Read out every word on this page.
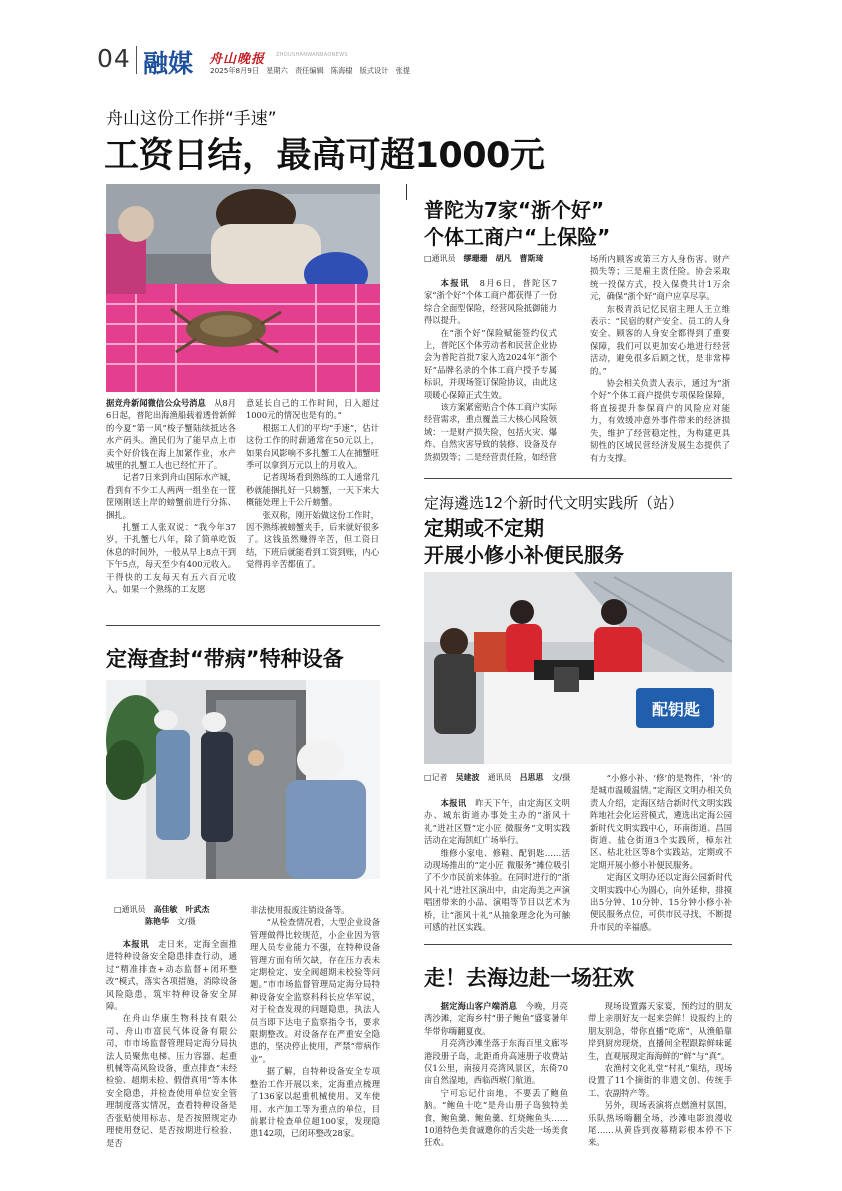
04 融媒 舟山晚报 ZHOUSHANWANBAONEWS
2025年8月9日　星期六　责任编辑　陈海棣　版式设计　张提
舟山这份工作拼“手速”
工资日结，最高可超1000元

据竞舟新闻微信公众号消息　 从8月6日起，普陀出海渔船载着透骨新鲜的今夏“第一风”梭子蟹陆续抵达各水产码头。渔民们为了能早点上市卖个好价钱在海上加紧作业，水产城里的扎蟹工人也已经忙开了。

记者7日来到舟山国际水产城，看到有不少工人两两一组坐在一筐筐刚刚送上岸的螃蟹前进行分拣、捆扎。

扎蟹工人张双说：“我今年37岁，干扎蟹七八年，除了简单吃饭休息的时间外，一般从早上8点干到下午5点，每天至少有400元收入。干得快的工友每天有五六百元收入。如果一个熟练的工友愿

意延长自己的工作时间，日入超过1000元的情况也是有的。”

根据工人们的平均“手速”，估计这份工作的时薪通常在50元以上，如果台风影响不多扎蟹工人在捕蟹旺季可以拿到万元以上的月收入。

记者现场看到熟练的工人通常几秒就能捆扎好一只螃蟹，一天下来大概能处理上千公斤螃蟹。

张双称，刚开始做这份工作时，因不熟练被螃蟹夹手，后来就好很多了。这钱虽然赚得辛苦，但工资日结，下班后就能看到工资到账，内心觉得再辛苦都值了。

定海查封“带病”特种设备
□通讯员　 高佳敏　叶武杰
陈艳华　 文/摄

本报讯　 走日来，定海全面推进特种设备安全隐患排查行动，通过“精准排查+动态监督+闭环整改”模式，落实各项措施，消除设备风险隐患，筑牢特种设备安全屏障。

在舟山华康生物科技有限公司、舟山市富民气体设备有限公司，市市场监督管理局定海分局执法人员聚焦电梯、压力容器、起重机械等高风险设备，重点排查“未经检验、超期未检、假借真用”等本体安全隐患，并检查使用单位安全管理制度落实情况，查看特种设备是否张贴使用标志、是否按照规定办理使用登记、是否按期进行检验、是否

非法使用报废注销设备等。

“从检查情况看，大型企业设备管理做得比较规范，小企业因为管理人员专业能力不强，在特种设备管理方面有所欠缺，存在压力表未定期检定、安全阀超期未校验等问题。”市市场监督管理局定海分局特种设备安全监察科科长应华军说，对于检查发现的问题隐患，执法人员当即下达电子监察指令书，要求限期整改。对设备存在严重安全隐患的，坚决停止使用，严禁“带病作业”。

据了解，自特种设备安全专项整治工作开展以来，定海重点梳理了136家以起重机械使用、叉车使用、水产加工等为重点的单位，目前累计检查单位超100家，发现隐患142项，已闭环整改28家。

普陀为7家“浙个好”
个体工商户“上保险”
□通讯员　 缪珊珊　胡凡　曹斯琦

本报讯　 8月6日，普陀区7家“浙个好”个体工商户都获得了一份综合全面型保险，经营风险抵御能力得以提升。

在“浙个好”保险赋能签约仪式上，普陀区个体劳动者和民营企业协会为普陀首批7家入选2024年“浙个好”品牌名录的个体工商户授予专属标识，并现场签订保险协议，由此这项暖心保障正式生效。

该方案紧密贴合个体工商户实际经营需求，重点覆盖三大核心风险领域：一是财产损失险，包括火灾、爆炸、自然灾害导致的装修、设备及存货损毁等；二是经营责任险，如经营

场所内顾客或第三方人身伤害、财产损失等；三是雇主责任险。协会采取统一投保方式，投入保费共计1万余元，确保“浙个好”商户应享尽享。

东极青浜记忆民宿主理人王立维表示：“民宿的财产安全、员工的人身安全、顾客的人身安全都得到了重要保障，我们可以更加安心地进行经营活动，避免很多后顾之忧，是非常棒的。”

协会相关负责人表示，通过为“浙个好”个体工商户提供专项保险保障，将直接提升参保商户的风险应对能力，有效缓冲意外事件带来的经济损失，维护了经营稳定性，为构建更具韧性的区域民营经济发展生态提供了有力支撑。

定海遴选12个新时代文明实践所（站）
定期或不定期
开展小修小补便民服务
配钥匙
□记者　 吴建波　 通讯员　 吕思思　 文/摄

本报讯　 昨天下午，由定海区文明办、城东街道办事处主办的“浙风十礼”进社区暨“定小匠 微服务”文明实践活动在定海凯虹广场举行。

维修小家电、修鞋、配钥匙……活动现场推出的“定小匠 微服务”摊位吸引了不少市民前来体验。在同时进行的“浙风十礼”进社区演出中，由定海美之声演唱团带来的小品、演唱等节目以艺术为桥，让“浙风十礼”从抽象理念化为可触可感的社区实践。

“小修小补、‘修’的是物件，‘补’的是城市温暖温情。”定海区文明办相关负责人介绍，定海区结合新时代文明实践阵地社会化运营模式，遴选出定海公园新时代文明实践中心，环南街道、昌国街道、盐仓街道3个实践所，樟东社区、枯北社区等8个实践站，定期或不定期开展小修小补便民服务。

定海区文明办还以定海公园新时代文明实践中心为圆心，向外延伸，排摸出5分钟、10分钟、15分钟小修小补便民服务点位，可供市民寻找，不断提升市民的幸福感。

走！去海边赴一场狂欢

据定海山客户端消息　 今晚，月亮湾沙滩，定海乡村“册子鲍鱼”盛宴暑年华带你嗨翻夏夜。

月亮湾沙滩坐落于东海百里文廊岑港段册子岛，北距甬舟高速册子收费站仅1公里，南接月亮湾风景区，东倚70亩自然湿地，西临西堠门航道。

宁可忘记什亩地，不要丢了鲍鱼脑。“鲍鱼十吃”是舟山册子岛独特美食，鲍鱼羹、鲍鱼羹、红烧鲍鱼头……10道特色美食诚邀你的舌尖赴一场美食狂欢。

现场设置露天家宴，预约过的朋友带上亲朋好友一起来尝鲜！设报约上的朋友别急，带你直播“吃席”，从渔船靠岸到厨房现烧，直播间全程跟踪鲜味诞生，直观展现定海海鲜的“鲜”与“真”。

农渔村文化礼堂“村礼”集结，现场设置了11个摘街的非遗文创、传统手工、农副特产等。

另外，现场表演将点燃渔村氛围，乐队热场嗨翻全场，沙滩电影浪漫收尾……从黄昏到夜幕精彩根本停不下来。
